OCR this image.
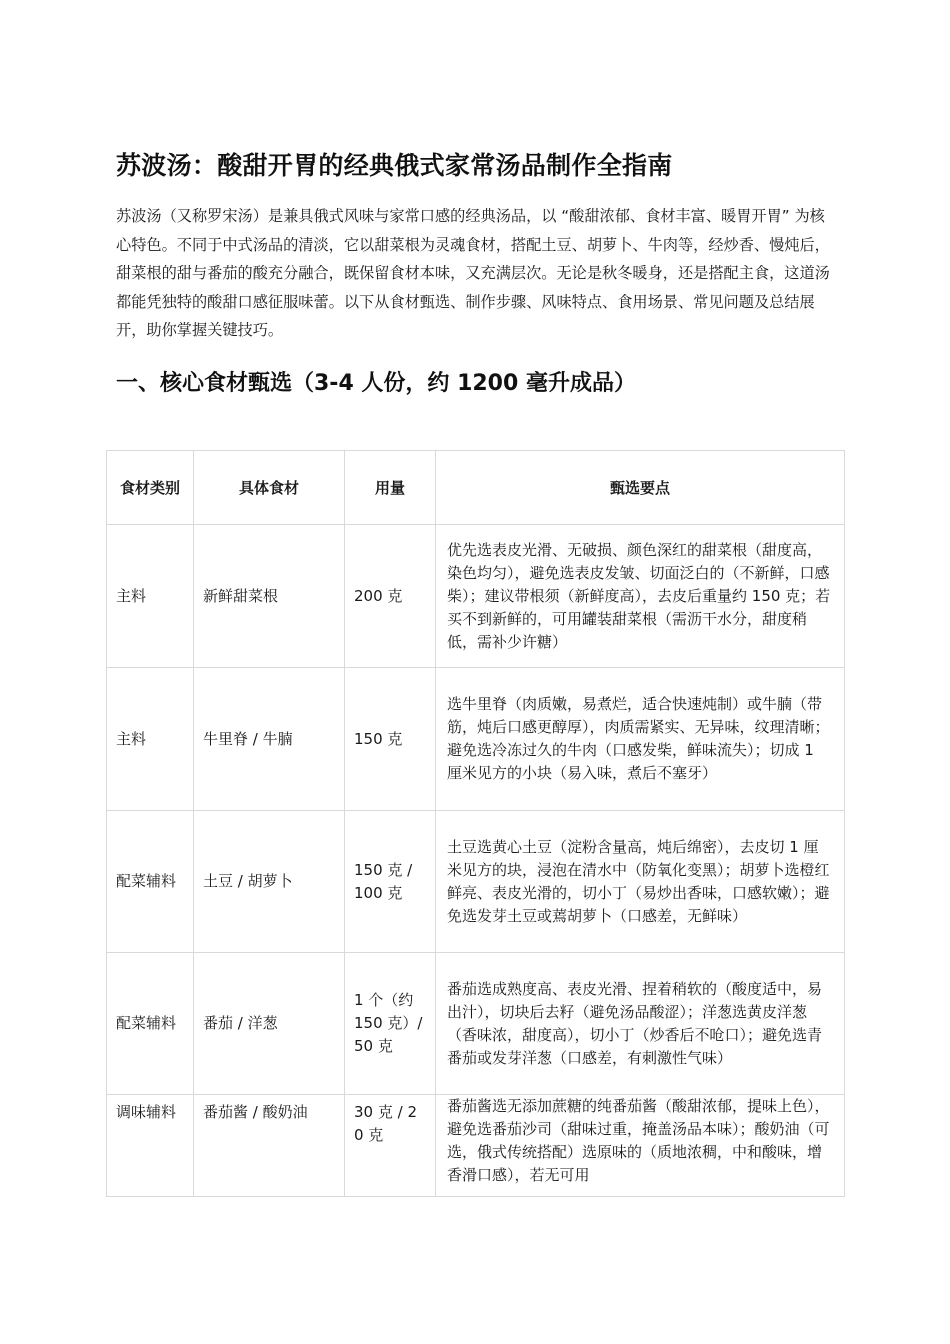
苏波汤：酸甜开胃的经典俄式家常汤品制作全指南

苏波汤（又称罗宋汤）是兼具俄式风味与家常口感的经典汤品，以 “酸甜浓郁、食材丰富、暖胃开胃” 为核心特色。不同于中式汤品的清淡，它以甜菜根为灵魂食材，搭配土豆、胡萝卜、牛肉等，经炒香、慢炖后，甜菜根的甜与番茄的酸充分融合，既保留食材本味，又充满层次。无论是秋冬暖身，还是搭配主食，这道汤都能凭独特的酸甜口感征服味蕾。以下从食材甄选、制作步骤、风味特点、食用场景、常见问题及总结展开，助你掌握关键技巧。

一、核心食材甄选（3-4 人份，约 1200 毫升成品）
食材类别	具体食材	用量	甄选要点
主料	新鲜甜菜根	200 克	优先选表皮光滑、无破损、颜色深红的甜菜根（甜度高，染色均匀），避免选表皮发皱、切面泛白的（不新鲜，口感柴）；建议带根须（新鲜度高），去皮后重量约 150 克；若买不到新鲜的，可用罐装甜菜根（需沥干水分，甜度稍低，需补少许糖）
主料	牛里脊 / 牛腩	150 克	选牛里脊（肉质嫩，易煮烂，适合快速炖制）或牛腩（带筋，炖后口感更醇厚），肉质需紧实、无异味，纹理清晰；避免选冷冻过久的牛肉（口感发柴，鲜味流失）；切成 1 厘米见方的小块（易入味，煮后不塞牙）
配菜辅料	土豆 / 胡萝卜	150 克 / 100 克	土豆选黄心土豆（淀粉含量高，炖后绵密），去皮切 1 厘米见方的块，浸泡在清水中（防氧化变黑）；胡萝卜选橙红鲜亮、表皮光滑的，切小丁（易炒出香味，口感软嫩）；避免选发芽土豆或蔫胡萝卜（口感差，无鲜味）
配菜辅料	番茄 / 洋葱	1 个（约 150 克）/50 克	番茄选成熟度高、表皮光滑、捏着稍软的（酸度适中，易出汁），切块后去籽（避免汤品酸涩）；洋葱选黄皮洋葱（香味浓，甜度高），切小丁（炒香后不呛口）；避免选青番茄或发芽洋葱（口感差，有刺激性气味）

调味辅料	番茄酱 / 酸奶油	30 克 / 20 克	番茄酱选无添加蔗糖的纯番茄酱（酸甜浓郁，提味上色），避免选番茄沙司（甜味过重，掩盖汤品本味）；酸奶油（可选，俄式传统搭配）选原味的（质地浓稠，中和酸味，增香滑口感），若无可用
